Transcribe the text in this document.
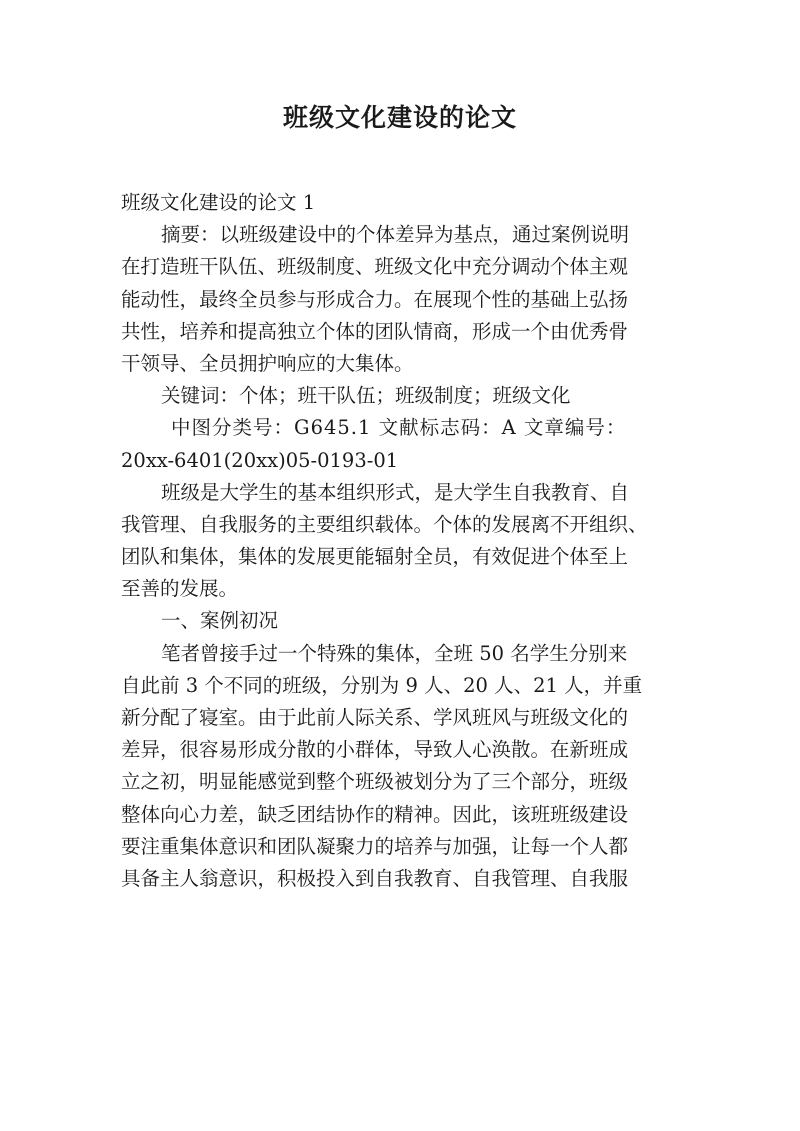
班级文化建设的论文
班级文化建设的论文 1
摘要：以班级建设中的个体差异为基点，通过案例说明
在打造班干队伍、班级制度、班级文化中充分调动个体主观
能动性，最终全员参与形成合力。在展现个性的基础上弘扬
共性，培养和提高独立个体的团队情商，形成一个由优秀骨
干领导、全员拥护响应的大集体。
关键词：个体；班干队伍；班级制度；班级文化
中图分类号：G645.1 文献标志码：A 文章编号：
20xx-6401(20xx)05-0193-01
班级是大学生的基本组织形式，是大学生自我教育、自
我管理、自我服务的主要组织载体。个体的发展离不开组织、
团队和集体，集体的发展更能辐射全员，有效促进个体至上
至善的发展。
一、案例初况
笔者曾接手过一个特殊的集体，全班 50 名学生分别来
自此前 3 个不同的班级，分别为 9 人、20 人、21 人，并重
新分配了寝室。由于此前人际关系、学风班风与班级文化的
差异，很容易形成分散的小群体，导致人心涣散。在新班成
立之初，明显能感觉到整个班级被划分为了三个部分，班级
整体向心力差，缺乏团结协作的精神。因此，该班班级建设
要注重集体意识和团队凝聚力的培养与加强，让每一个人都
具备主人翁意识，积极投入到自我教育、自我管理、自我服
